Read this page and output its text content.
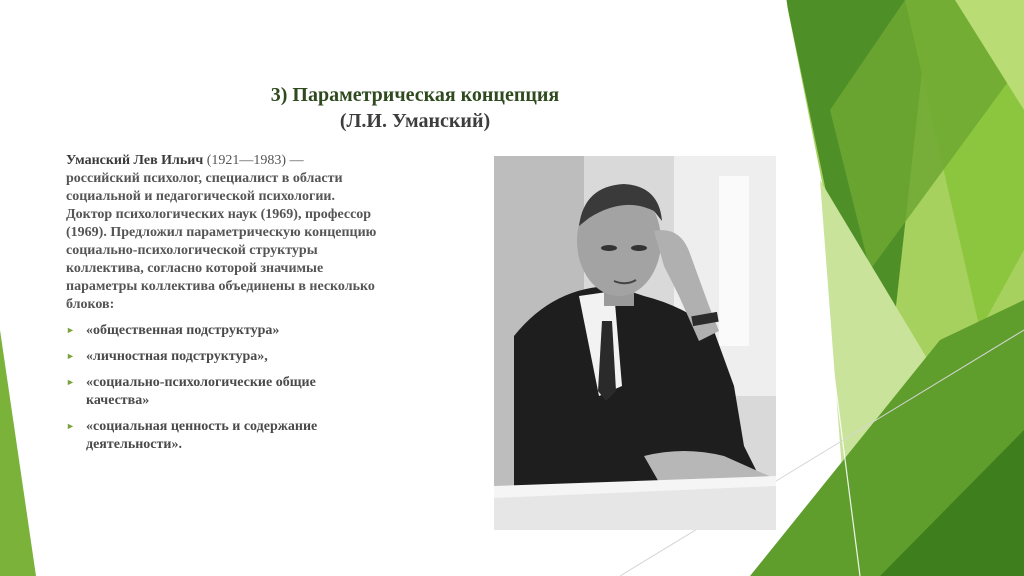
3) Параметрическая концепция
(Л.И. Уманский)
Уманский Лев Ильич (1921—1983) — российский психолог, специалист в области социальной и педагогической психологии. Доктор психологических наук (1969), профессор (1969). Предложил параметрическую концепцию социально-психологической структуры коллектива, согласно которой значимые параметры коллектива объединены в несколько блоков:
► «общественная подструктура»
► «личностная подструктура»,
► «социально-психологические общие качества»
► «социальная ценность и содержание деятельности».
